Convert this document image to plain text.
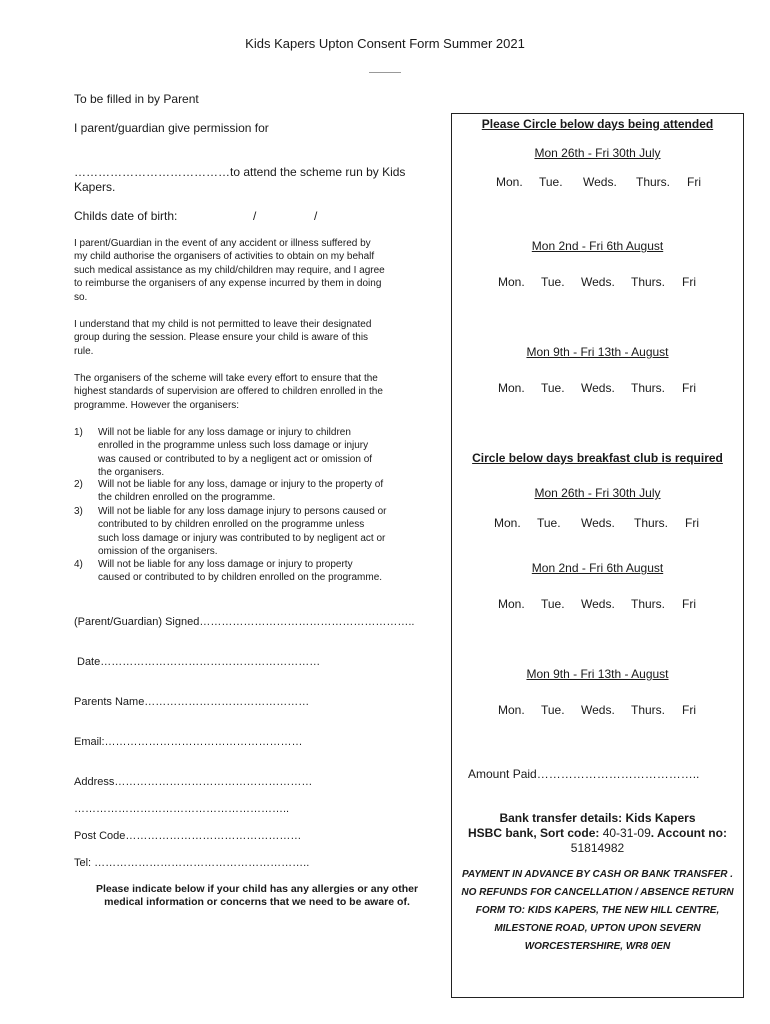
Kids Kapers Upton Consent Form Summer 2021
To be filled in by Parent
I parent/guardian give permission for
…………………………………to attend the scheme run by Kids
Kapers.
Childs date of birth:	/	/
I parent/Guardian in the event of any accident or illness suffered by
my child authorise the organisers of activities to obtain on my behalf
such medical assistance as my child/children may require, and I agree
to reimburse the organisers of any expense incurred by them in doing
so.
I understand that my child is not permitted to leave their designated
group during the session. Please ensure your child is aware of this
rule.
The organisers of the scheme will take every effort to ensure that the
highest standards of supervision are offered to children enrolled in the
programme. However the organisers:
1) Will not be liable for any loss damage or injury to children
enrolled in the programme unless such loss damage or injury
was caused or contributed to by a negligent act or omission of
the organisers.
2) Will not be liable for any loss, damage or injury to the property of
the children enrolled on the programme.
3) Will not be liable for any loss damage injury to persons caused or
contributed to by children enrolled on the programme unless
such loss damage or injury was contributed to by negligent act or
omission of the organisers.
4) Will not be liable for any loss damage or injury to property
caused or contributed to by children enrolled on the programme.
(Parent/Guardian) Signed…………………………………………………..
Date……………………………………………………
Parents Name………………………………………
Email:………………………………………………
Address………………………………………………
…………………………………………………..
Post Code…………………………………………
Tel: …………………………………………………..
Please indicate below if your child has any allergies or any other
medical information or concerns that we need to be aware of.
Please Circle below days being attended
Mon 26th - Fri 30th July
Mon. Tue. Weds. Thurs. Fri
Mon 2nd - Fri 6th August
Mon. Tue. Weds. Thurs. Fri
Mon 9th - Fri 13th - August
Mon. Tue. Weds. Thurs. Fri
Circle below days breakfast club is required
Mon 26th - Fri 30th July
Mon. Tue. Weds. Thurs. Fri
Mon 2nd - Fri 6th August
Mon. Tue. Weds. Thurs. Fri
Mon 9th - Fri 13th - August
Mon. Tue. Weds. Thurs. Fri
Amount Paid…………………………………..
Bank transfer details: Kids Kapers
HSBC bank, Sort code: 40-31-09. Account no:
51814982
PAYMENT IN ADVANCE BY CASH OR BANK TRANSFER .
NO REFUNDS FOR CANCELLATION / ABSENCE RETURN
FORM TO: KIDS KAPERS, THE NEW HILL CENTRE,
MILESTONE ROAD, UPTON UPON SEVERN
WORCESTERSHIRE, WR8 0EN
